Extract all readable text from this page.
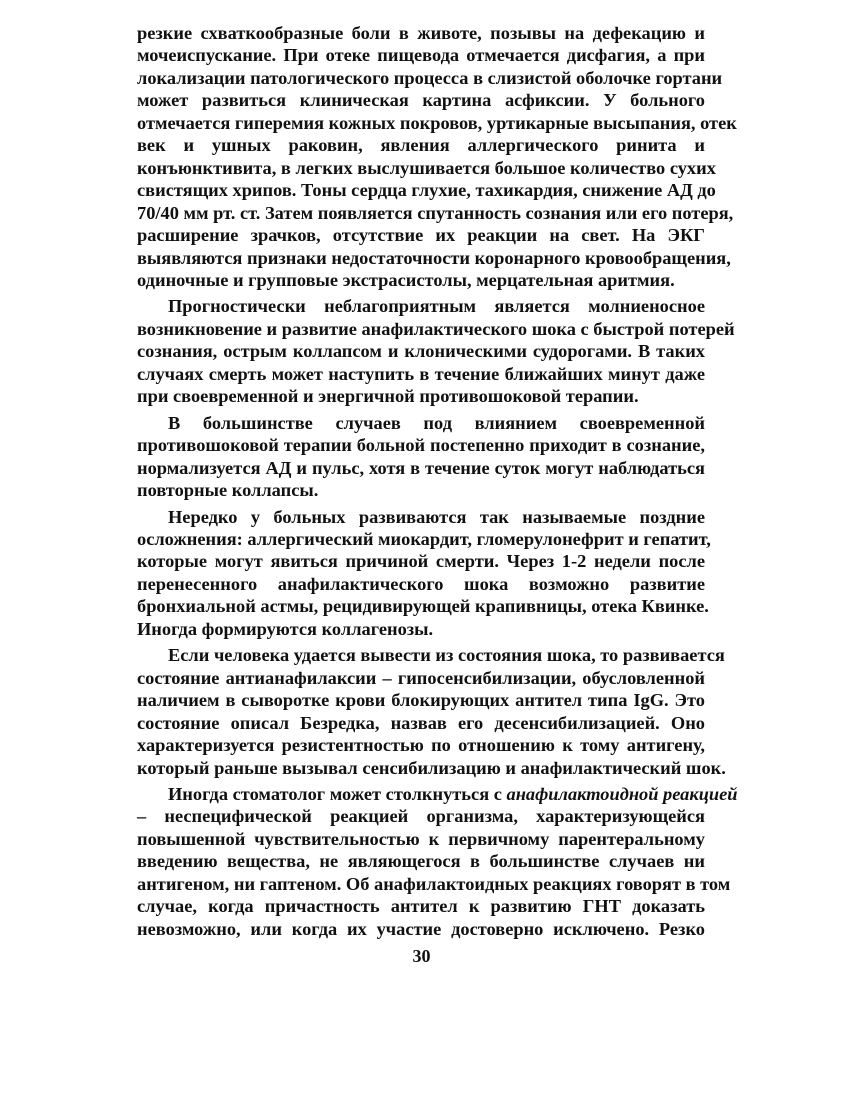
резкие схваткообразные боли в животе, позывы на дефекацию и
мочеиспускание. При отеке пищевода отмечается дисфагия, а при
локализации патологического процесса в слизистой оболочке гортани
может развиться клиническая картина асфиксии. У больного
отмечается гиперемия кожных покровов, уртикарные высыпания, отек
век и ушных раковин, явления аллергического ринита и
конъюнктивита, в легких выслушивается большое количество сухих
свистящих хрипов. Тоны сердца глухие, тахикардия, снижение АД до
70/40 мм рт. ст. Затем появляется спутанность сознания или его потеря,
расширение зрачков, отсутствие их реакции на свет. На ЭКГ
выявляются признаки недостаточности коронарного кровообращения,
одиночные и групповые экстрасистолы, мерцательная аритмия.
Прогностически неблагоприятным является молниеносное
возникновение и развитие анафилактического шока с быстрой потерей
сознания, острым коллапсом и клоническими судорогами. В таких
случаях смерть может наступить в течение ближайших минут даже
при своевременной и энергичной противошоковой терапии.
В большинстве случаев под влиянием своевременной
противошоковой терапии больной постепенно приходит в сознание,
нормализуется АД и пульс, хотя в течение суток могут наблюдаться
повторные коллапсы.
Нередко у больных развиваются так называемые поздние
осложнения: аллергический миокардит, гломерулонефрит и гепатит,
которые могут явиться причиной смерти. Через 1-2 недели после
перенесенного анафилактического шока возможно развитие
бронхиальной астмы, рецидивирующей крапивницы, отека Квинке.
Иногда формируются коллагенозы.
Если человека удается вывести из состояния шока, то развивается
состояние антианафилаксии – гипосенсибилизации, обусловленной
наличием в сыворотке крови блокирующих антител типа IgG. Это
состояние описал Безредка, назвав его десенсибилизацией. Оно
характеризуется резистентностью по отношению к тому антигену,
который раньше вызывал сенсибилизацию и анафилактический шок.
Иногда стоматолог может столкнуться с анафилактоидной реакцией
– неспецифической реакцией организма, характеризующейся
повышенной чувствительностью к первичному парентеральному
введению вещества, не являющегося в большинстве случаев ни
антигеном, ни гаптеном. Об анафилактоидных реакциях говорят в том
случае, когда причастность антител к развитию ГНТ доказать
невозможно, или когда их участие достоверно исключено. Резко
30
